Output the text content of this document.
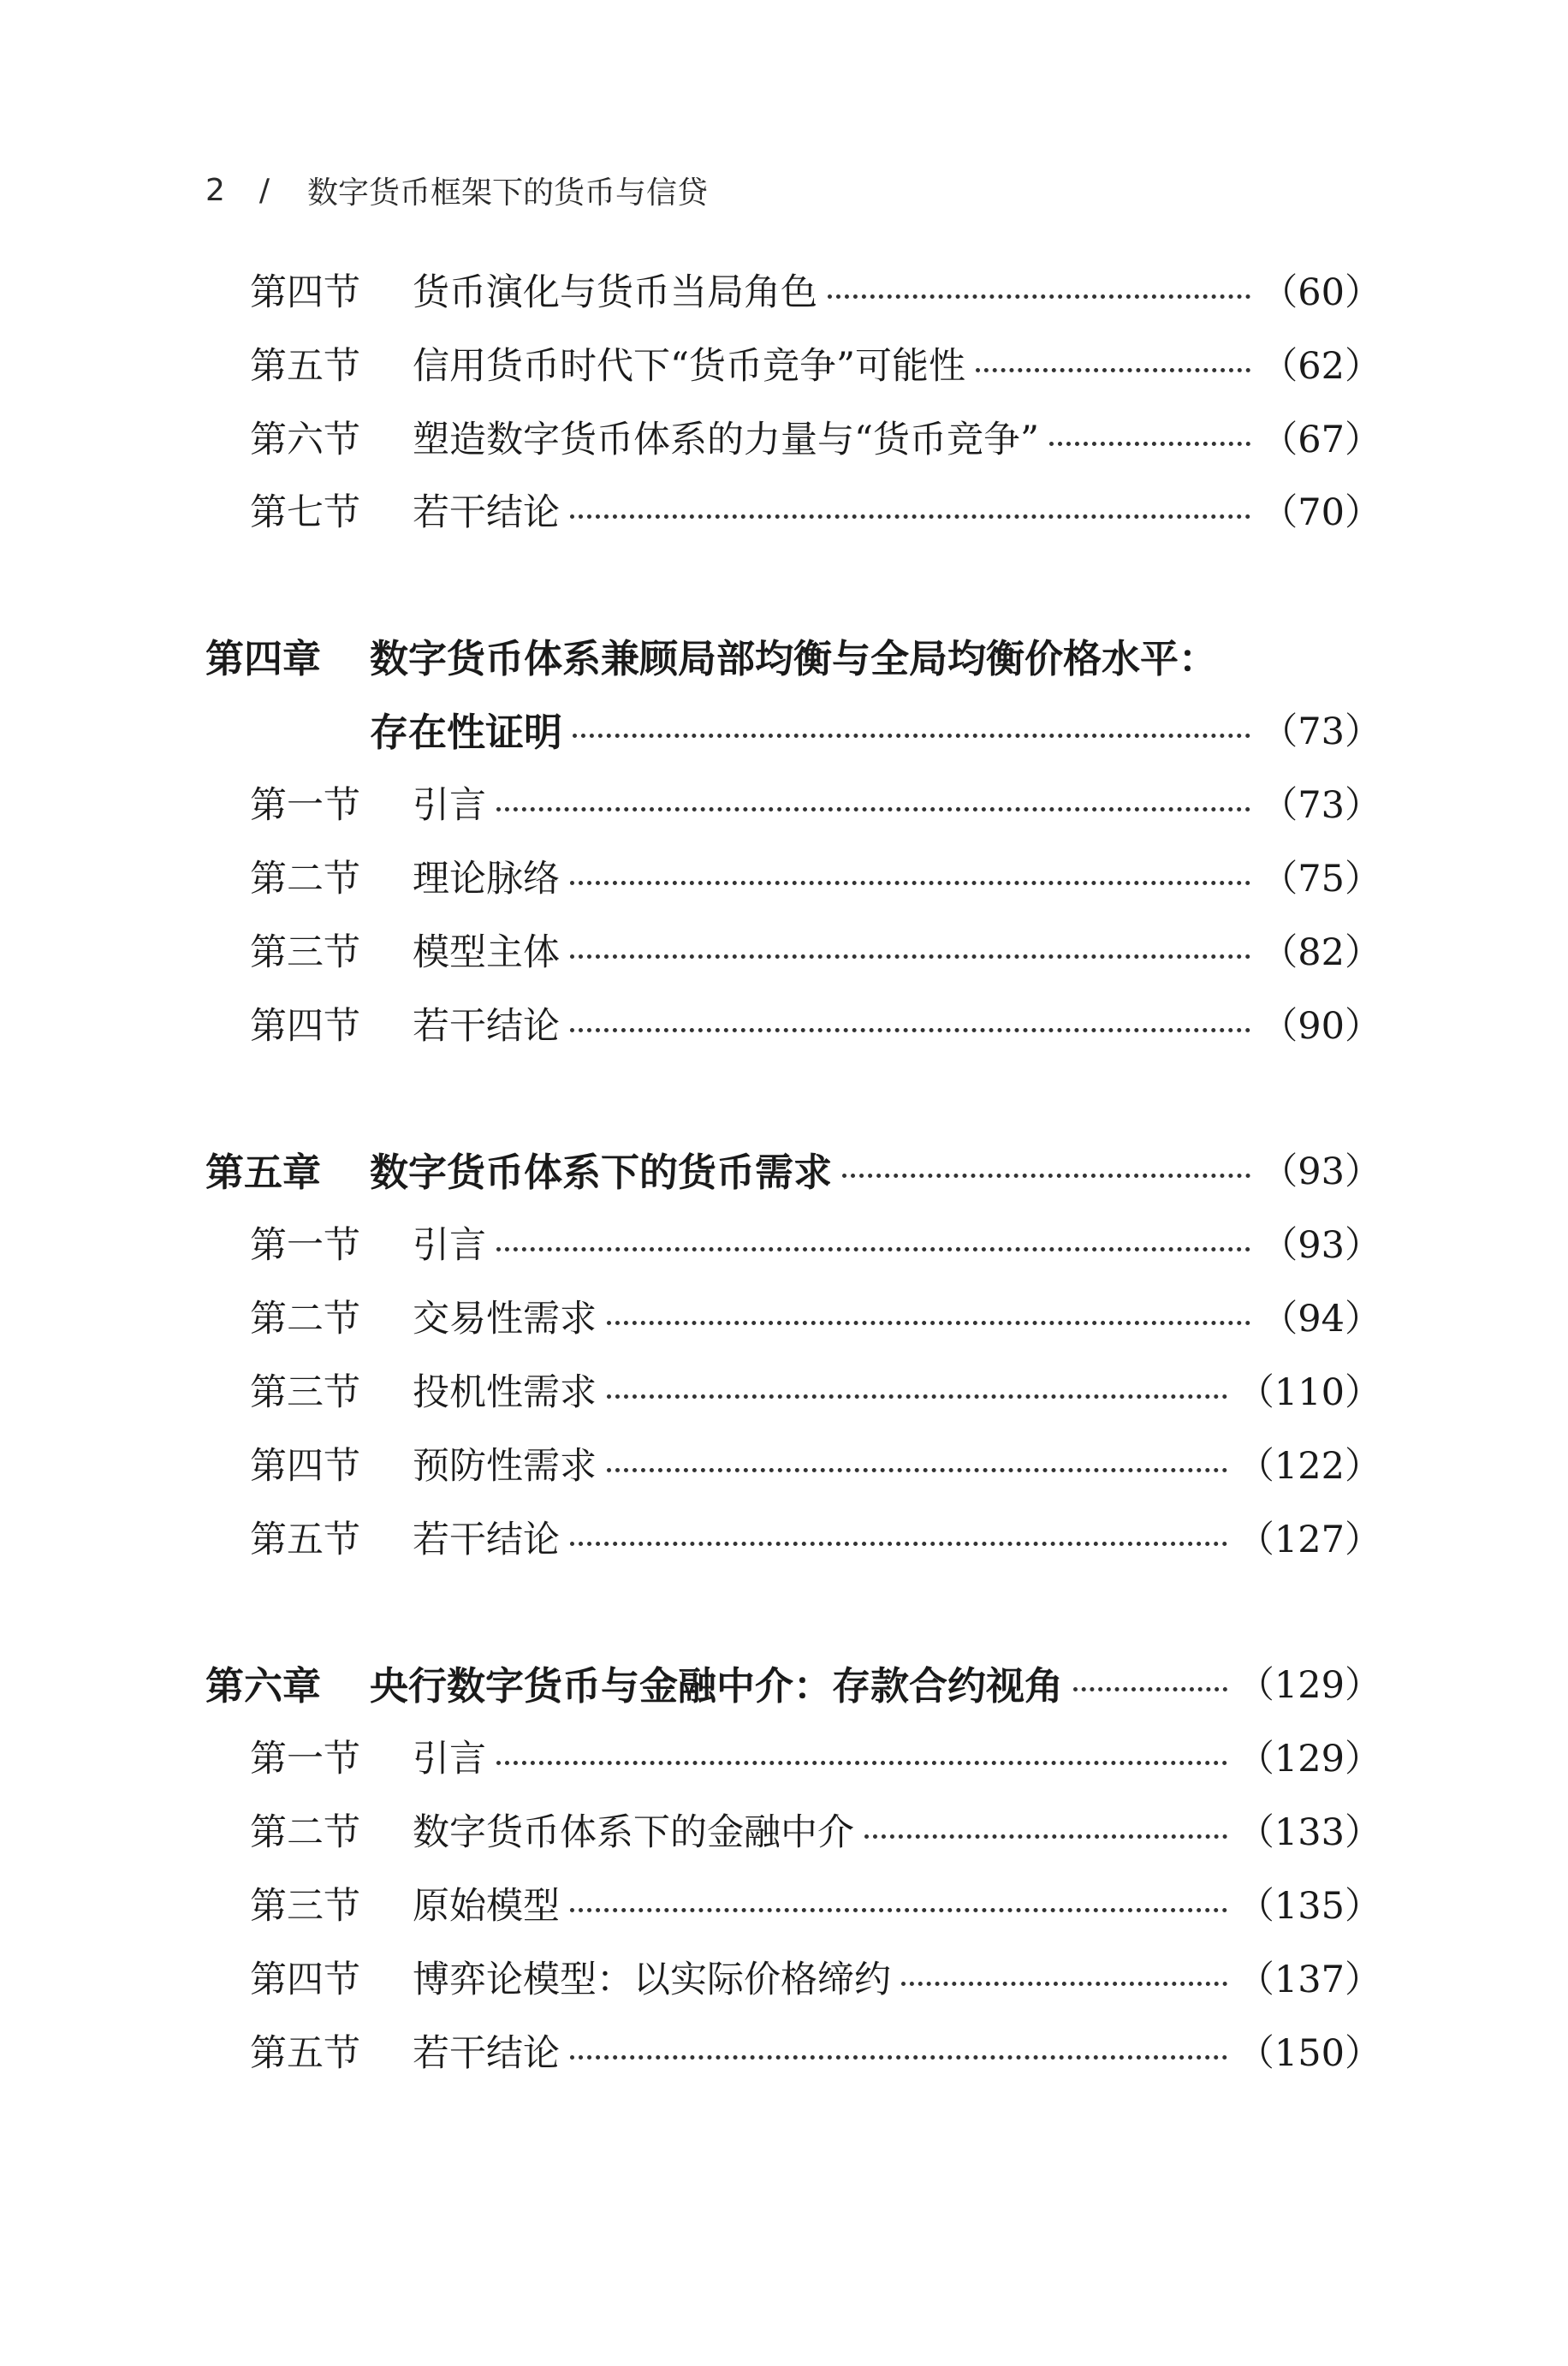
2 / 数字货币框架下的货币与信贷
第四节	货币演化与货币当局角色	（60）
第五节	信用货币时代下“货币竞争”可能性	（62）
第六节	塑造数字货币体系的力量与“货币竞争”	（67）
第七节	若干结论	（70）
第四章	数字货币体系兼顾局部均衡与全局均衡价格水平：
存在性证明	（73）
第一节	引言	（73）
第二节	理论脉络	（75）
第三节	模型主体	（82）
第四节	若干结论	（90）
第五章	数字货币体系下的货币需求	（93）
第一节	引言	（93）
第二节	交易性需求	（94）
第三节	投机性需求	（110）
第四节	预防性需求	（122）
第五节	若干结论	（127）
第六章	央行数字货币与金融中介：存款合约视角	（129）
第一节	引言	（129）
第二节	数字货币体系下的金融中介	（133）
第三节	原始模型	（135）
第四节	博弈论模型：以实际价格缔约	（137）
第五节	若干结论	（150）
